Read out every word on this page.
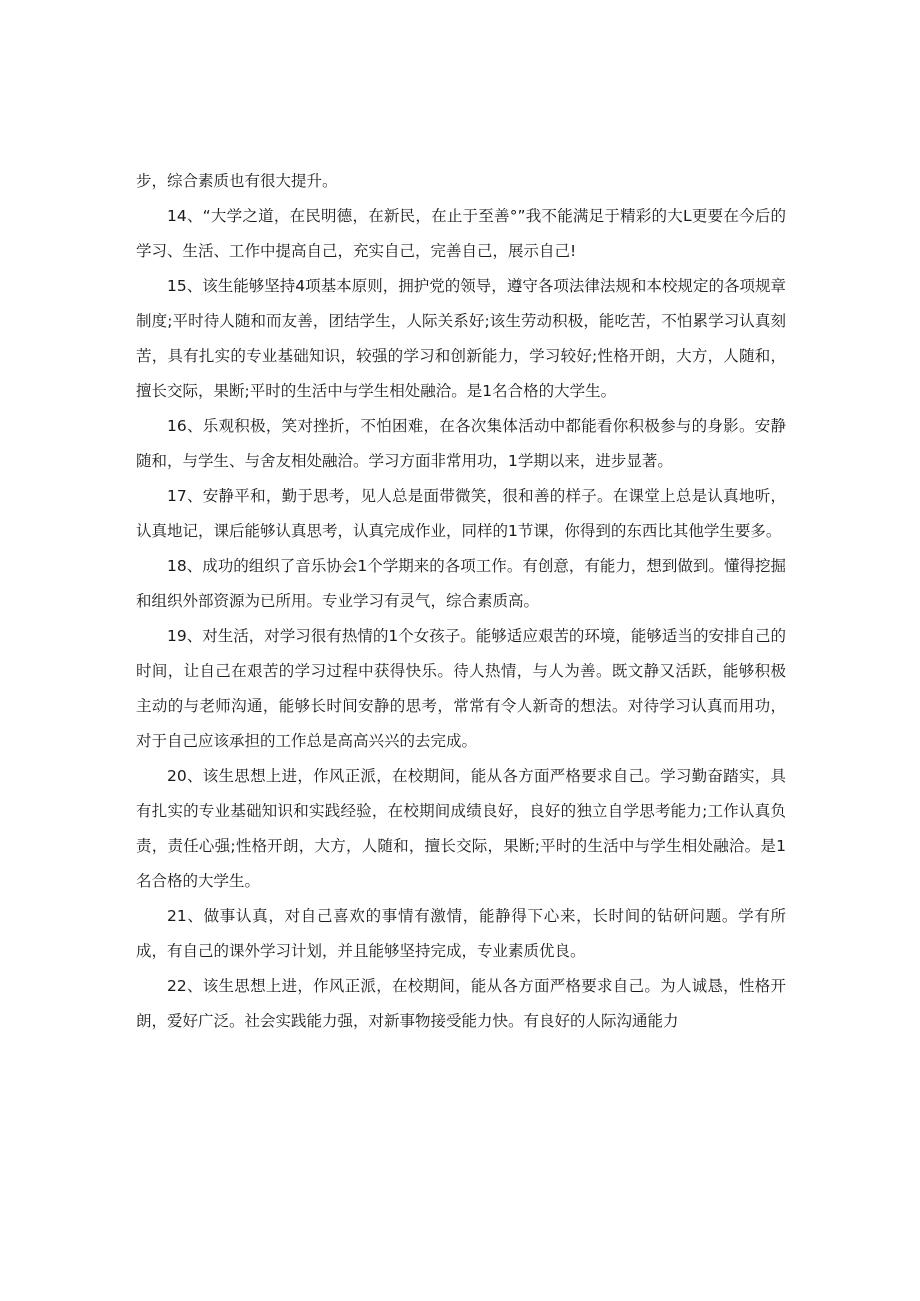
步，综合素质也有很大提升。

14、“大学之道，在民明德，在新民，在止于至善°”我不能满足于精彩的大L更要在今后的学习、生活、工作中提高自己，充实自己，完善自己，展示自己!

15、该生能够坚持4项基本原则，拥护党的领导，遵守各项法律法规和本校规定的各项规章制度;平时待人随和而友善，团结学生，人际关系好;该生劳动积极，能吃苦，不怕累学习认真刻苦，具有扎实的专业基础知识，较强的学习和创新能力，学习较好;性格开朗，大方，人随和，擅长交际，果断;平时的生活中与学生相处融洽。是1名合格的大学生。

16、乐观积极，笑对挫折，不怕困难，在各次集体活动中都能看你积极参与的身影。安静随和，与学生、与舍友相处融洽。学习方面非常用功，1学期以来，进步显著。

17、安静平和，勤于思考，见人总是面带微笑，很和善的样子。在课堂上总是认真地听，认真地记，课后能够认真思考，认真完成作业，同样的1节课，你得到的东西比其他学生要多。

18、成功的组织了音乐协会1个学期来的各项工作。有创意，有能力，想到做到。懂得挖掘和组织外部资源为已所用。专业学习有灵气，综合素质高。

19、对生活，对学习很有热情的1个女孩子。能够适应艰苦的环境，能够适当的安排自己的时间，让自己在艰苦的学习过程中获得快乐。待人热情，与人为善。既文静又活跃，能够积极主动的与老师沟通，能够长时间安静的思考，常常有令人新奇的想法。对待学习认真而用功，对于自己应该承担的工作总是高高兴兴的去完成。

20、该生思想上进，作风正派，在校期间，能从各方面严格要求自己。学习勤奋踏实，具有扎实的专业基础知识和实践经验，在校期间成绩良好，良好的独立自学思考能力;工作认真负责，责任心强;性格开朗，大方，人随和，擅长交际，果断;平时的生活中与学生相处融洽。是1名合格的大学生。

21、做事认真，对自己喜欢的事情有激情，能静得下心来，长时间的钻研问题。学有所成，有自己的课外学习计划，并且能够坚持完成，专业素质优良。

22、该生思想上进，作风正派，在校期间，能从各方面严格要求自己。为人诚恳，性格开朗，爱好广泛。社会实践能力强，对新事物接受能力快。有良好的人际沟通能力
